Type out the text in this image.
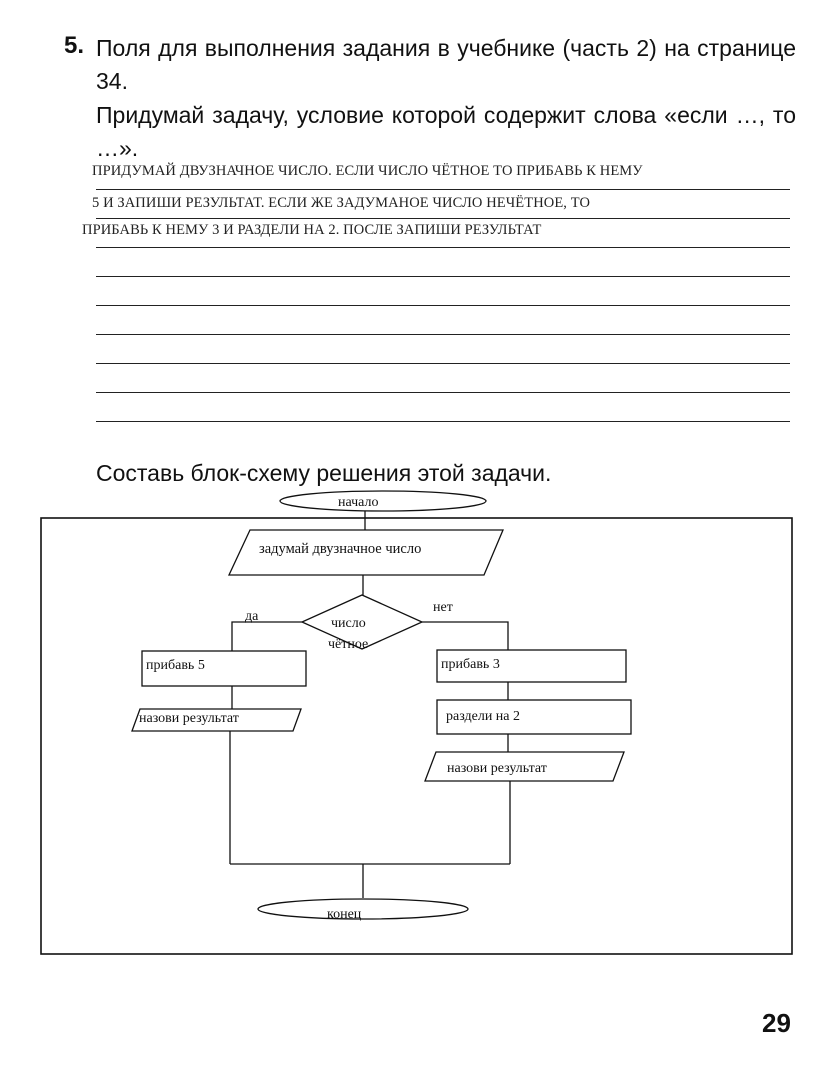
5. Поля для выполнения задания в учебнике (часть 2) на странице 34.
Придумай задачу, условие которой содержит слова «если …, то …».
ПРИДУМАЙ ДВУЗНАЧНОЕ ЧИСЛО. ЕСЛИ ЧИСЛО ЧЁТНОЕ ТО ПРИБАВЬ К НЕМУ
5 И ЗАПИШИ РЕЗУЛЬТАТ. ЕСЛИ ЖЕ ЗАДУМАНОЕ ЧИСЛО НЕЧЁТНОЕ, ТО
ПРИБАВЬ К НЕМУ 3 И РАЗДЕЛИ НА 2. ПОСЛЕ ЗАПИШИ РЕЗУЛЬТАТ
Составь блок-схему решения этой задачи.
начало
задумай двузначное число
число
чётное
да
нет
прибавь 5
назови результат
прибавь 3
раздели на 2
назови результат
конец
29
